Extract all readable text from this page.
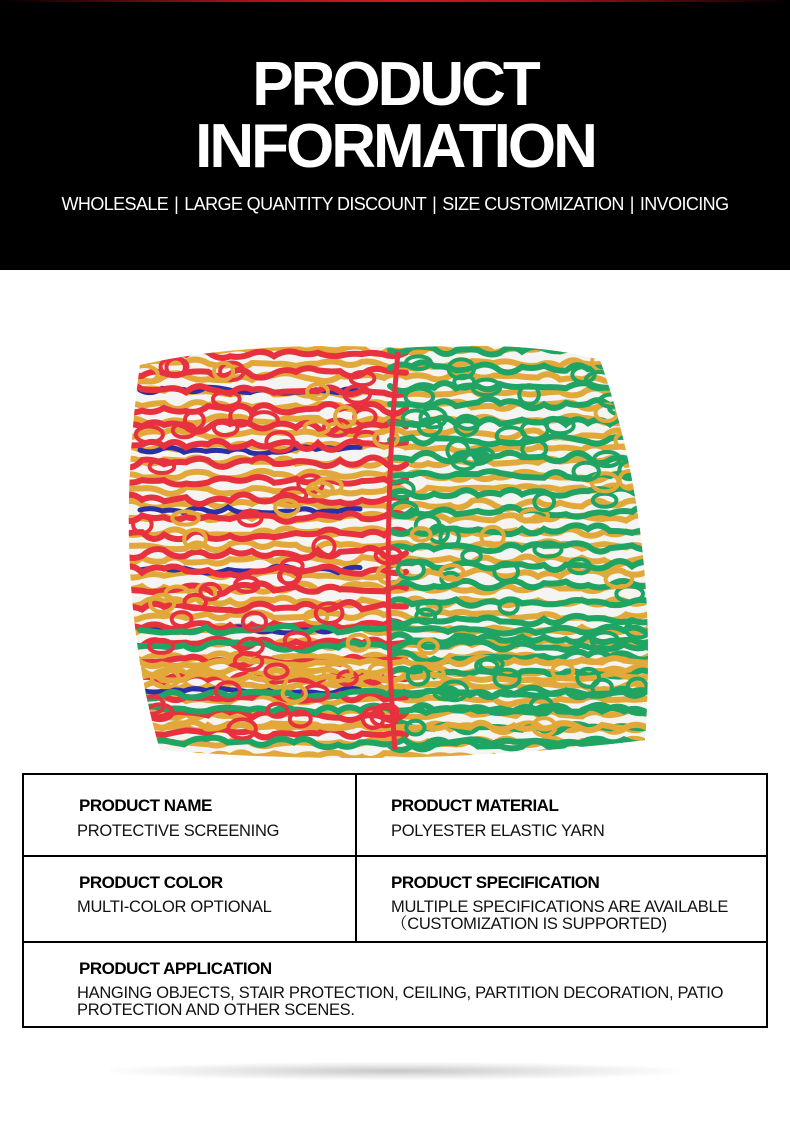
PRODUCT
INFORMATION
WHOLESALE | LARGE QUANTITY DISCOUNT | SIZE CUSTOMIZATION | INVOICING
PRODUCT NAME
PROTECTIVE SCREENING
PRODUCT MATERIAL
POLYESTER ELASTIC YARN
PRODUCT COLOR
MULTI-COLOR OPTIONAL
PRODUCT SPECIFICATION
MULTIPLE SPECIFICATIONS ARE AVAILABLE
（CUSTOMIZATION IS SUPPORTED)
PRODUCT APPLICATION
HANGING OBJECTS, STAIR PROTECTION, CEILING, PARTITION DECORATION, PATIO PROTECTION AND OTHER SCENES.
